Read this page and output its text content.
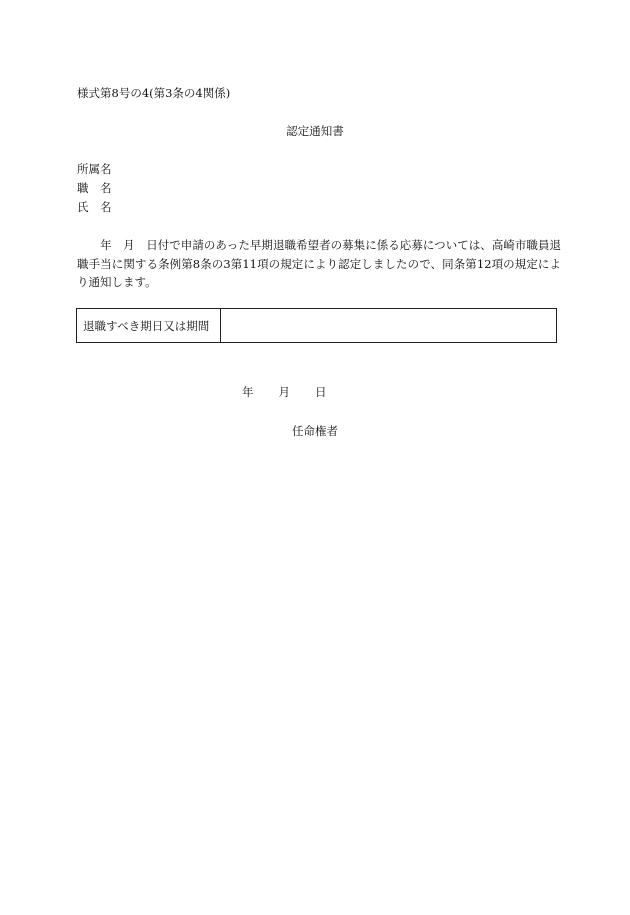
様式第8号の4(第3条の4関係)
認定通知書
所属名
職　名
氏　名
　　年　月　日付で申請のあった早期退職希望者の募集に係る応募については、高崎市職員退職手当に関する条例第8条の3第11項の規定により認定しましたので、同条第12項の規定により通知します。
退職すべき期日又は期間
年 月 日
任命権者
